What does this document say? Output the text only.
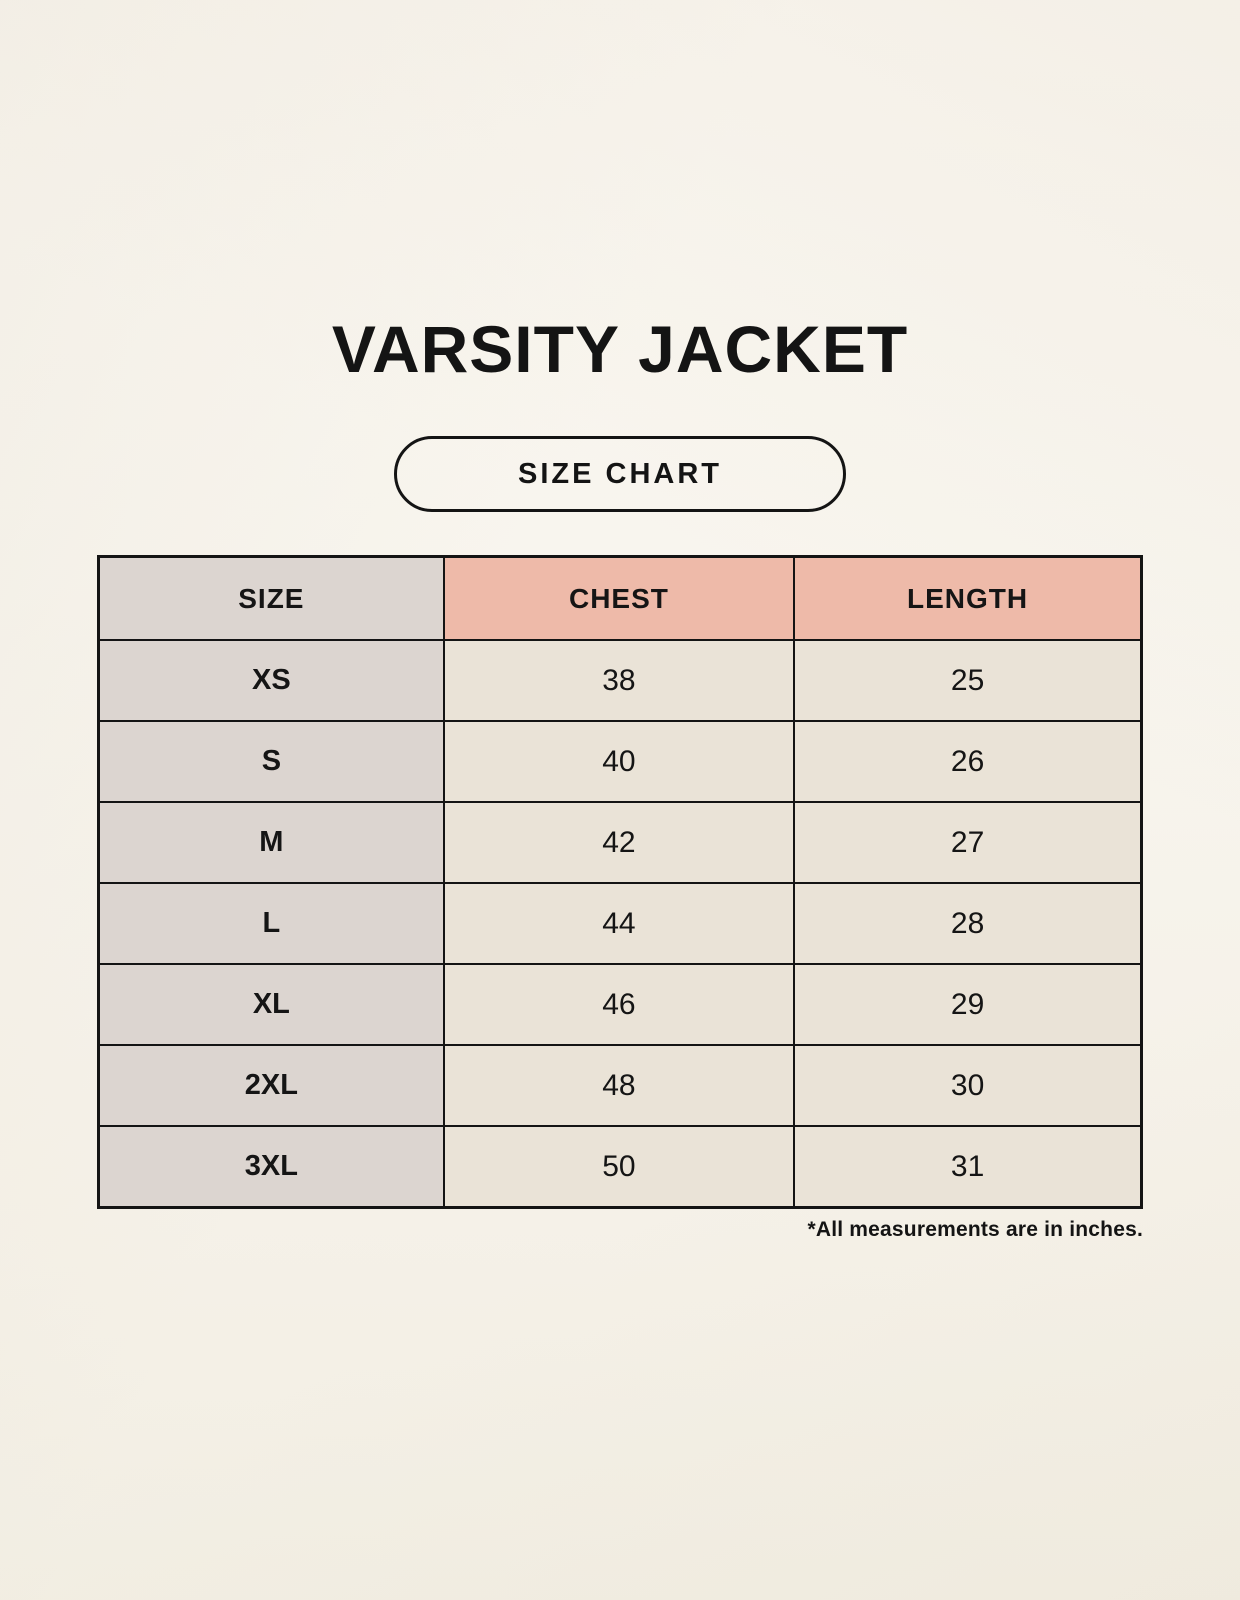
VARSITY JACKET
SIZE CHART
SIZE	CHEST	LENGTH
XS	38	25
S	40	26
M	42	27
L	44	28
XL	46	29
2XL	48	30
3XL	50	31
*All measurements are in inches.
